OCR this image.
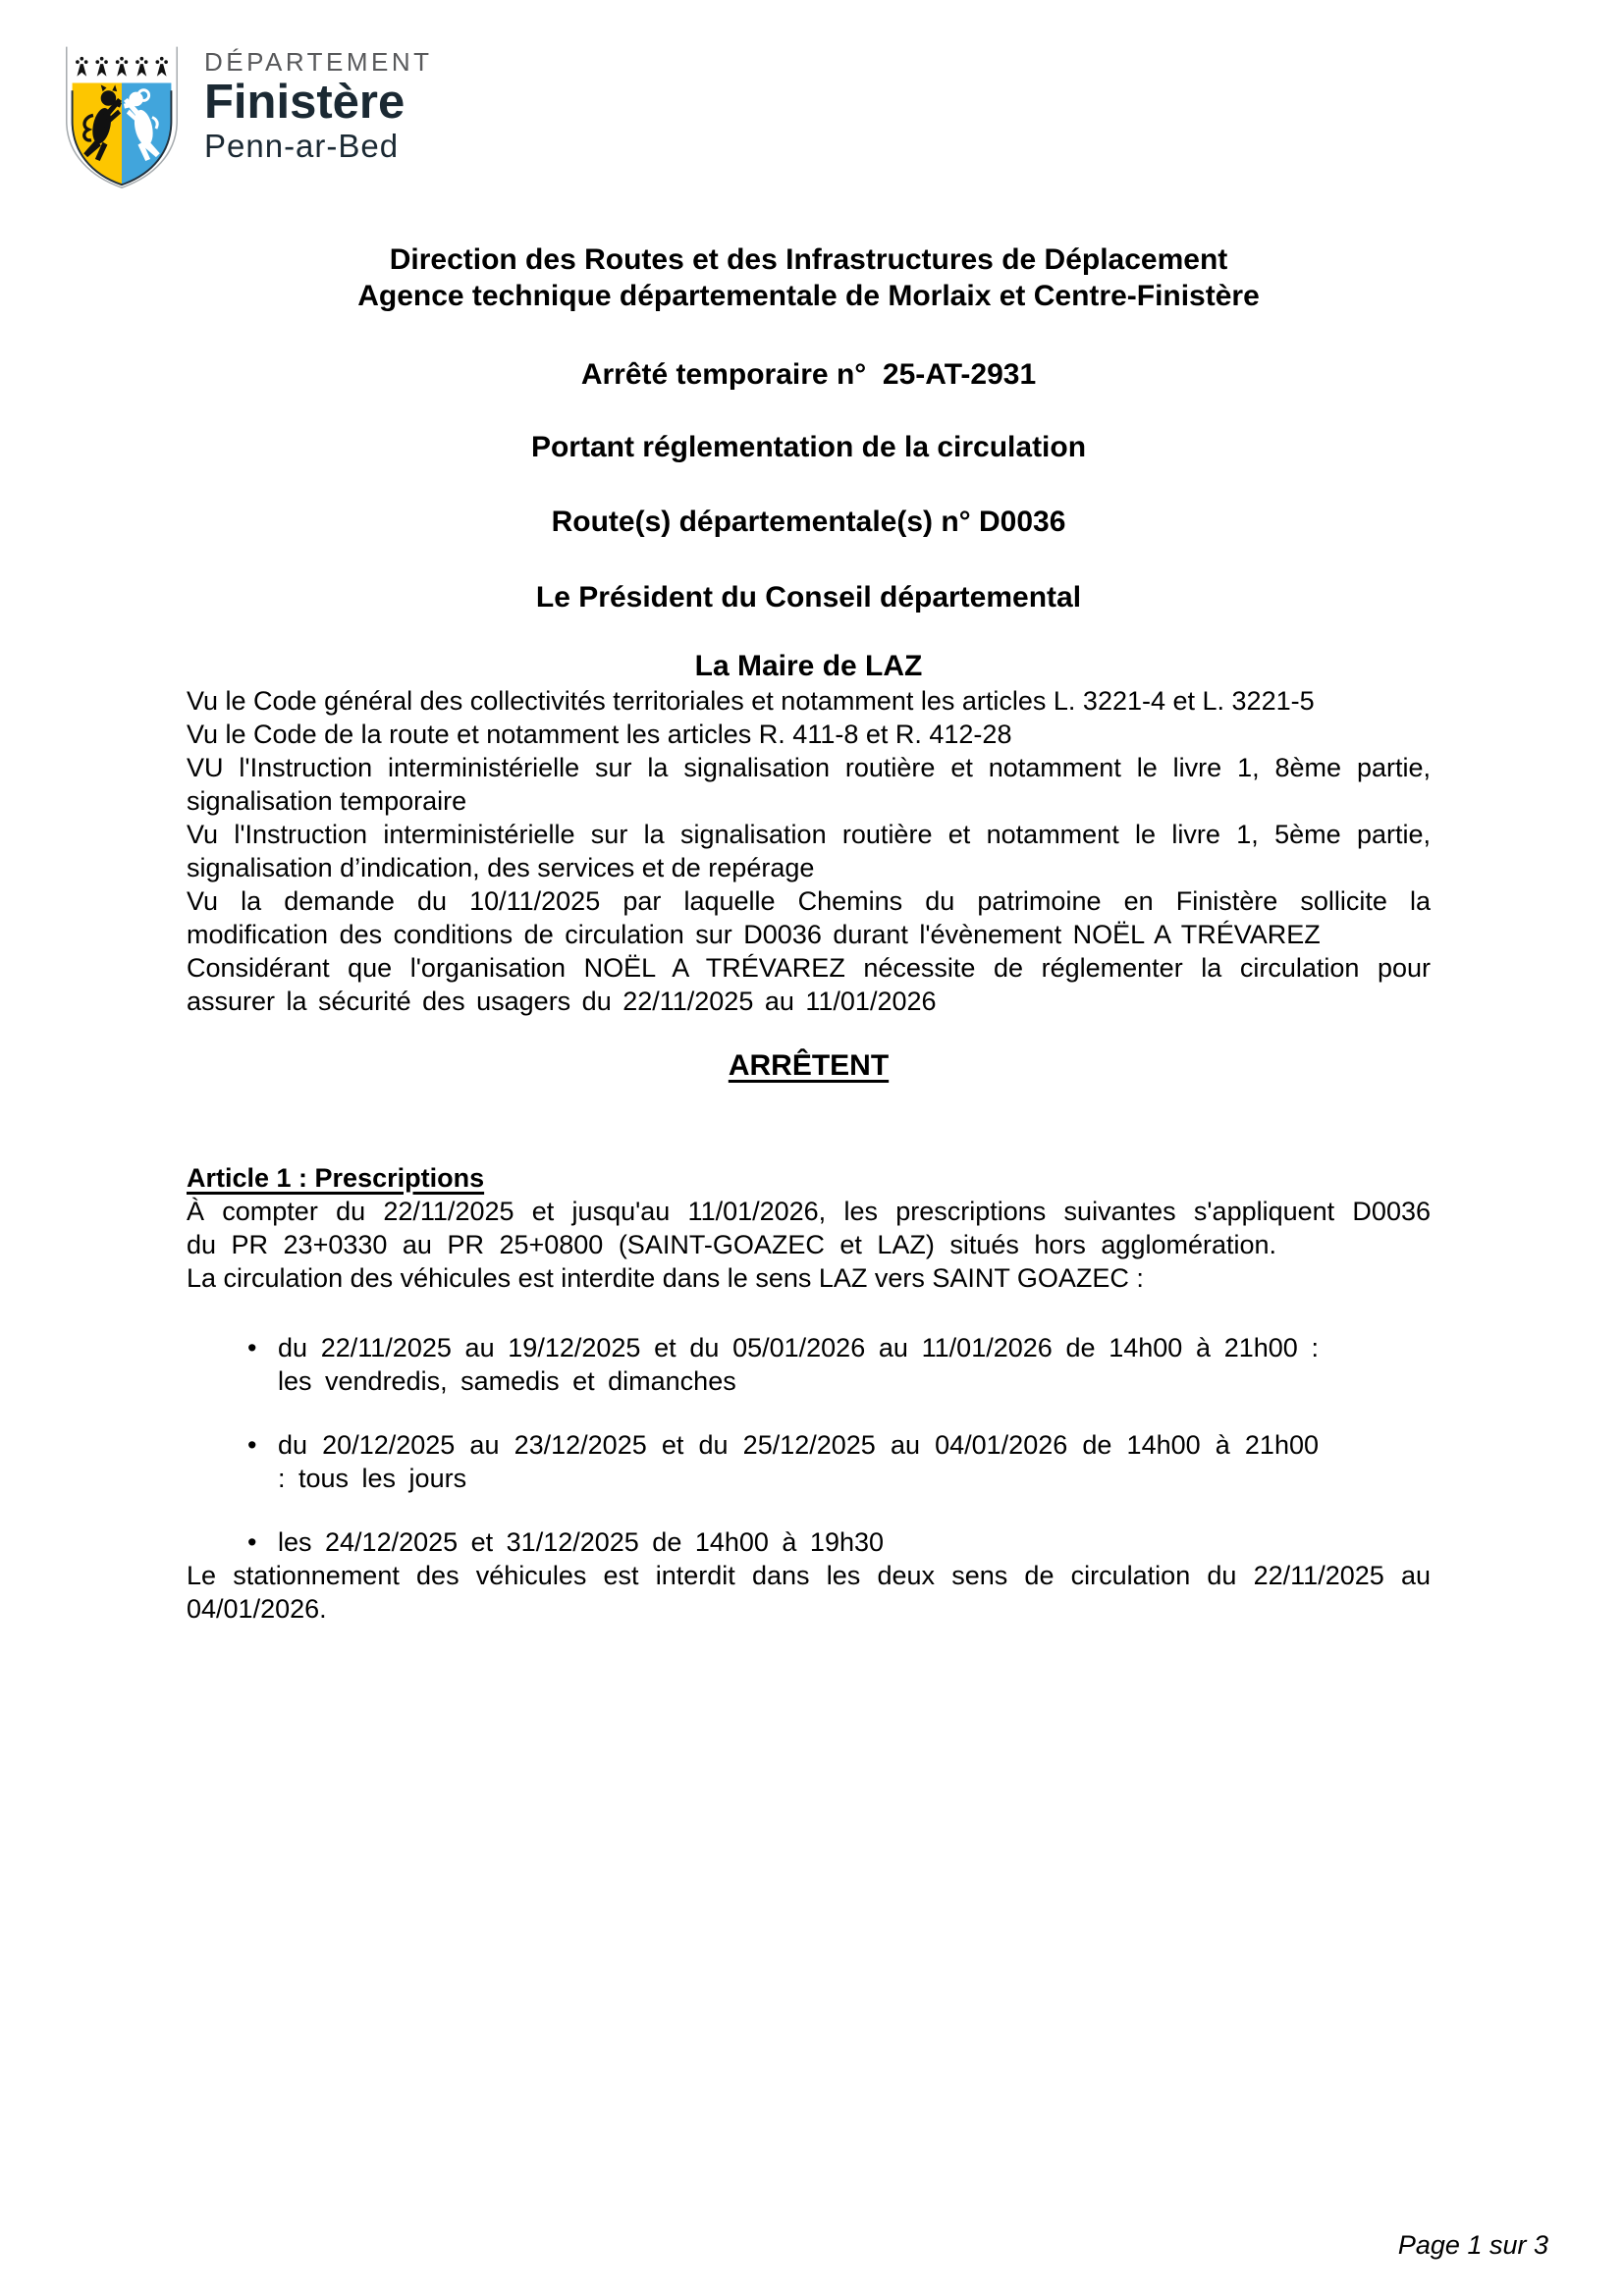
DÉPARTEMENT
Finistère
Penn-ar-Bed
Direction des Routes et des Infrastructures de Déplacement
Agence technique départementale de Morlaix et Centre-Finistère
Arrêté temporaire n°  25-AT-2931
Portant réglementation de la circulation
Route(s) départementale(s) n° D0036
Le Président du Conseil départemental
La Maire de LAZ

Vu le Code général des collectivités territoriales et notamment les articles L. 3221-4 et L. 3221-5

Vu le Code de la route et notamment les articles R. 411-8 et R. 412-28

VU l'Instruction interministérielle sur la signalisation routière et notamment le livre 1, 8ème partie, signalisation temporaire

Vu l'Instruction interministérielle sur la signalisation routière et notamment le livre 1, 5ème partie, signalisation d’indication, des services et de repérage

Vu la demande du 10/11/2025 par laquelle Chemins du patrimoine en Finistère sollicite la modification des conditions de circulation sur D0036 durant l'évènement NOËL A TRÉVAREZ

Considérant que l'organisation NOËL A TRÉVAREZ nécessite de réglementer la circulation pour assurer la sécurité des usagers du 22/11/2025 au 11/01/2026

ARRÊTENT
Article 1 : Prescriptions

À compter du 22/11/2025 et jusqu'au 11/01/2026, les prescriptions suivantes s'appliquent D0036 du PR 23+0330 au PR 25+0800 (SAINT-GOAZEC et LAZ) situés hors agglomération.

La circulation des véhicules est interdite dans le sens LAZ vers SAINT GOAZEC :

• du 22/11/2025 au 19/12/2025 et du 05/01/2026 au 11/01/2026 de 14h00 à 21h00 : les vendredis, samedis et dimanches
• du 20/12/2025 au 23/12/2025 et du 25/12/2025 au 04/01/2026 de 14h00 à 21h00 : tous les jours
• les 24/12/2025 et 31/12/2025 de 14h00 à 19h30

Le stationnement des véhicules est interdit dans les deux sens de circulation du 22/11/2025 au 04/01/2026.

Page 1 sur 3
